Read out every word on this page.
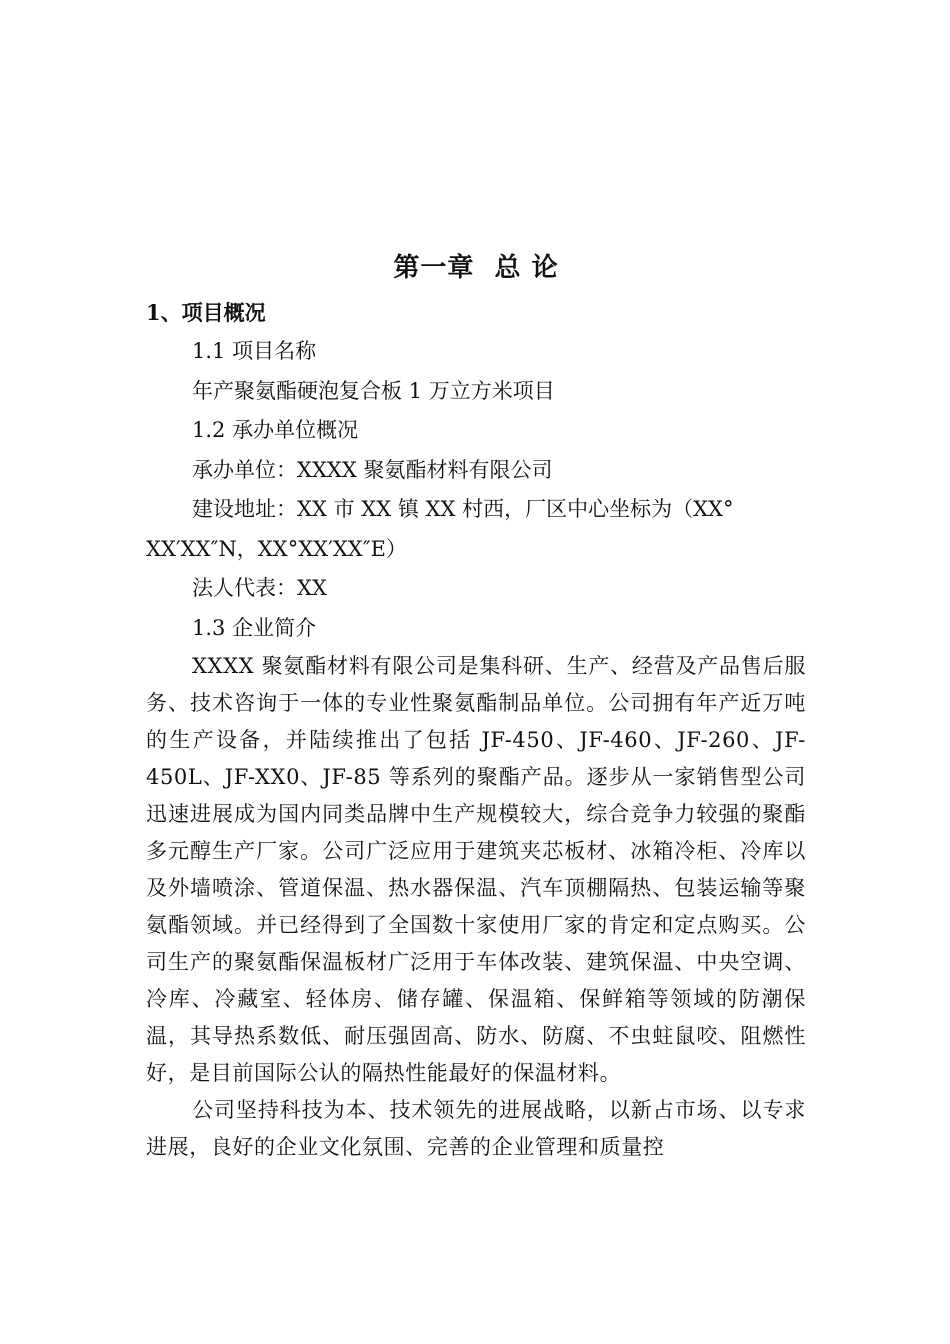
第一章  总 论
1、项目概况

1.1 项目名称

年产聚氨酯硬泡复合板 1 万立方米项目

1.2 承办单位概况

承办单位：XXXX 聚氨酯材料有限公司

建设地址：XX 市 XX 镇 XX 村西，厂区中心坐标为（XX°

XX′XX″N，XX°XX′XX″E）

法人代表：XX

1.3 企业简介

XXXX 聚氨酯材料有限公司是集科研、生产、经营及产品售后服务、技术咨询于一体的专业性聚氨酯制品单位。公司拥有年产近万吨的生产设备，并陆续推出了包括 JF-450、JF-460、JF-260、JF-450L、JF-XX0、JF-85 等系列的聚酯产品。逐步从一家销售型公司迅速进展成为国内同类品牌中生产规模较大，综合竞争力较强的聚酯多元醇生产厂家。公司广泛应用于建筑夹芯板材、冰箱冷柜、冷库以及外墙喷涂、管道保温、热水器保温、汽车顶棚隔热、包装运输等聚氨酯领域。并已经得到了全国数十家使用厂家的肯定和定点购买。公司生产的聚氨酯保温板材广泛用于车体改装、建筑保温、中央空调、冷库、冷藏室、轻体房、储存罐、保温箱、保鲜箱等领域的防潮保温，其导热系数低、耐压强固高、防水、防腐、不虫蛀鼠咬、阻燃性好，是目前国际公认的隔热性能最好的保温材料。

公司坚持科技为本、技术领先的进展战略，以新占市场、以专求进展，良好的企业文化氛围、完善的企业管理和质量控
